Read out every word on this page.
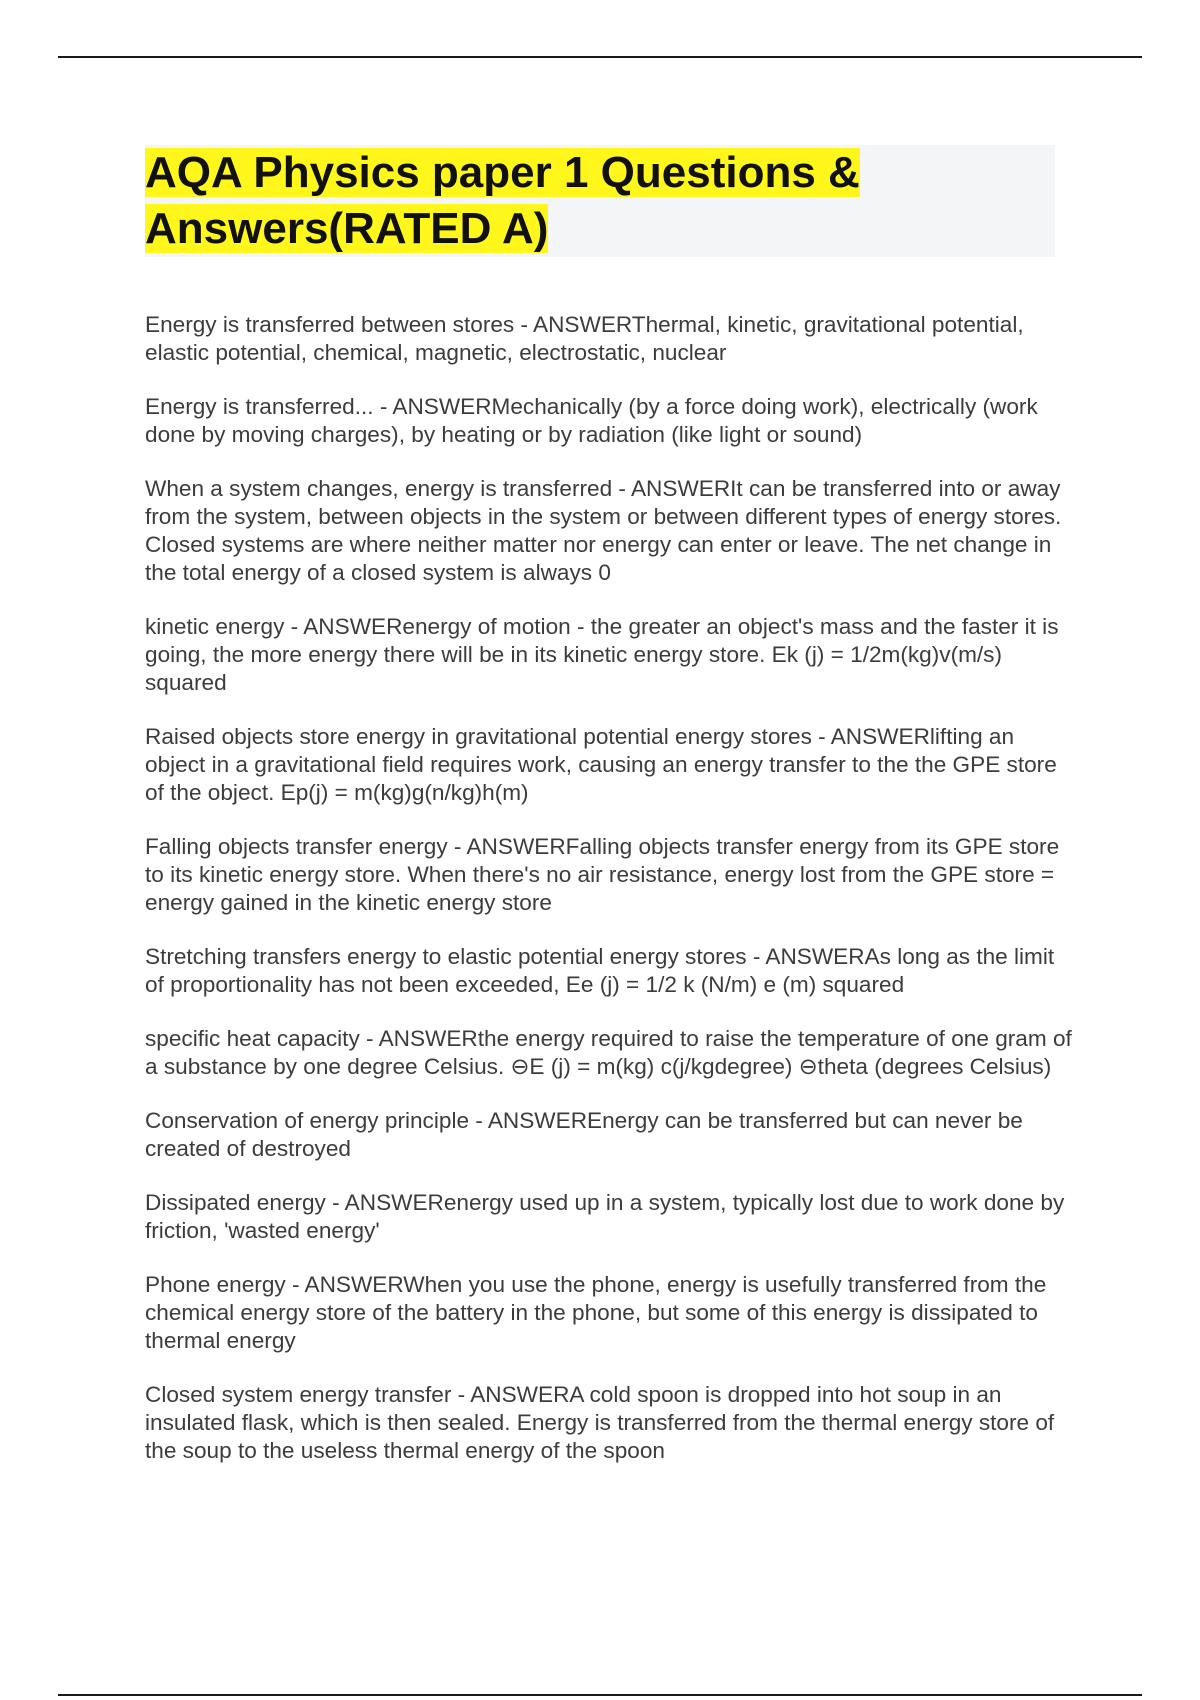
AQA Physics paper 1 Questions & Answers(RATED A)

Energy is transferred between stores - ANSWERThermal, kinetic, gravitational potential, elastic potential, chemical, magnetic, electrostatic, nuclear

Energy is transferred... - ANSWERMechanically (by a force doing work), electrically (work done by moving charges), by heating or by radiation (like light or sound)

When a system changes, energy is transferred - ANSWERIt can be transferred into or away from the system, between objects in the system or between different types of energy stores. Closed systems are where neither matter nor energy can enter or leave. The net change in the total energy of a closed system is always 0

kinetic energy - ANSWERenergy of motion - the greater an object's mass and the faster it is going, the more energy there will be in its kinetic energy store. Ek (j) = 1/2m(kg)v(m/s) squared

Raised objects store energy in gravitational potential energy stores - ANSWERlifting an object in a gravitational field requires work, causing an energy transfer to the the GPE store of the object. Ep(j) = m(kg)g(n/kg)h(m)

Falling objects transfer energy - ANSWERFalling objects transfer energy from its GPE store to its kinetic energy store. When there's no air resistance, energy lost from the GPE store = energy gained in the kinetic energy store

Stretching transfers energy to elastic potential energy stores - ANSWERAs long as the limit of proportionality has not been exceeded, Ee (j) = 1/2 k (N/m) e (m) squared

specific heat capacity - ANSWERthe energy required to raise the temperature of one gram of a substance by one degree Celsius. ⊖E (j) = m(kg) c(j/kgdegree) ⊖theta (degrees Celsius)

Conservation of energy principle - ANSWEREnergy can be transferred but can never be created of destroyed

Dissipated energy - ANSWERenergy used up in a system, typically lost due to work done by friction, 'wasted energy'

Phone energy - ANSWERWhen you use the phone, energy is usefully transferred from the chemical energy store of the battery in the phone, but some of this energy is dissipated to thermal energy

Closed system energy transfer - ANSWERA cold spoon is dropped into hot soup in an insulated flask, which is then sealed. Energy is transferred from the thermal energy store of the soup to the useless thermal energy of the spoon
